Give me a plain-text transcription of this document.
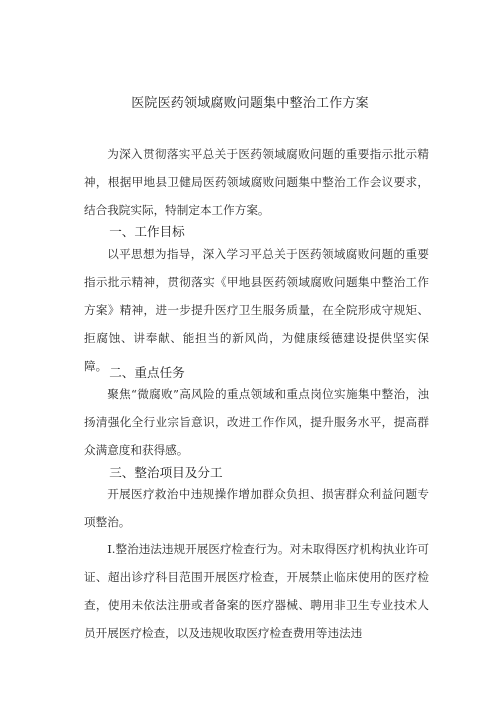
医院医药领域腐败问题集中整治工作方案

为深入贯彻落实平总关于医药领域腐败问题的重要指示批示精神，根据甲地县卫健局医药领域腐败问题集中整治工作会议要求，结合我院实际，特制定本工作方案。

一、工作目标

以平思想为指导，深入学习平总关于医药领域腐败问题的重要指示批示精神，贯彻落实《甲地县医药领域腐败问题集中整治工作方案》精神，进一步提升医疗卫生服务质量，在全院形成守规矩、拒腐蚀、讲奉献、能担当的新风尚，为健康绥德建设提供坚实保障。 二、重点任务

聚焦“微腐败”高风险的重点领域和重点岗位实施集中整治，浊扬清强化全行业宗旨意识，改进工作作风，提升服务水平，提高群众满意度和获得感。

三、整治项目及分工

开展医疗救治中违规操作增加群众负担、损害群众利益问题专项整治。

I.整治违法违规开展医疗检查行为。对未取得医疗机构执业许可证、超出诊疗科目范围开展医疗检查，开展禁止临床使用的医疗检查，使用未依法注册或者备案的医疗器械、聘用非卫生专业技术人员开展医疗检查，以及违规收取医疗检查费用等违法违
